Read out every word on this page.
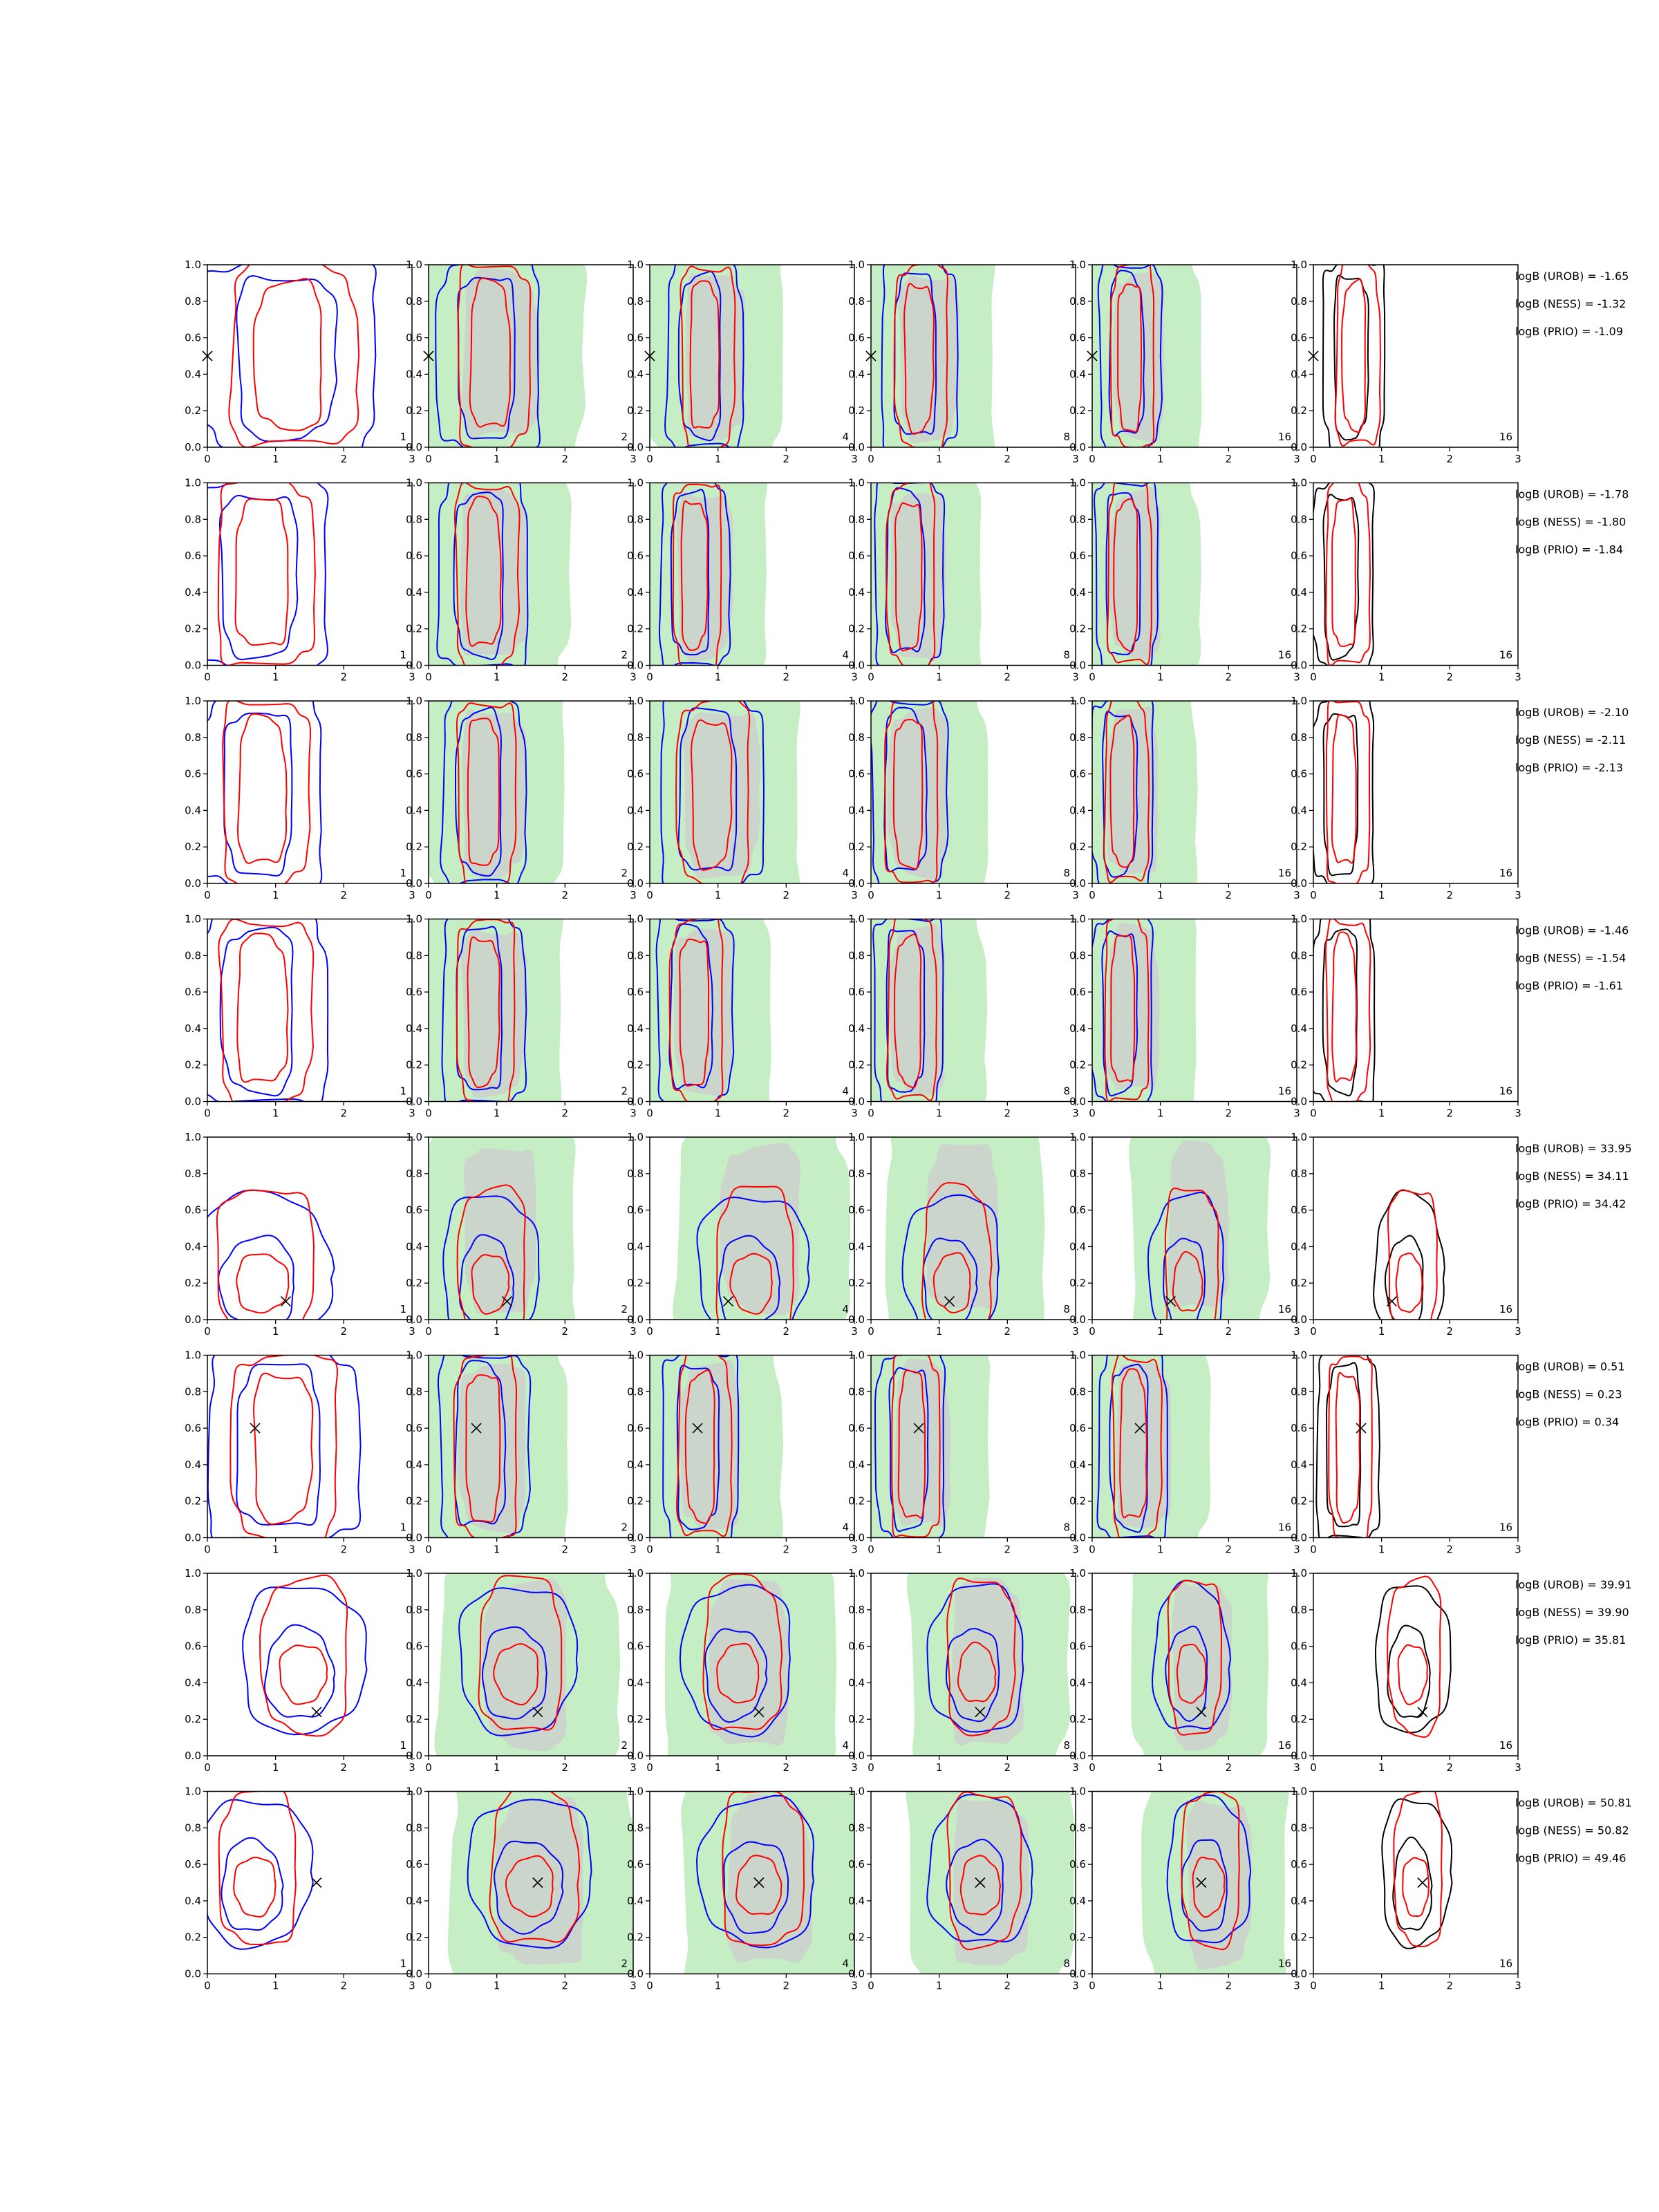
0	1	2	3
0.0
0.2
0.4
0.6
0.8
1.0
1
0	1	2	3
0.0
0.2
0.4
0.6
0.8
1.0
2
0	1	2	3
0.0
0.2
0.4
0.6
0.8
1.0
4
0	1	2	3
0.0
0.2
0.4
0.6
0.8
1.0
8
0	1	2	3
0.0
0.2
0.4
0.6
0.8
1.0
16
0	1	2	3
0.0
0.2
0.4
0.6
0.8
1.0
16
logB (UROB) = -1.65
logB (NESS) = -1.32
logB (PRIO) = -1.09
0	1	2	3
0.0
0.2
0.4
0.6
0.8
1.0
1
0	1	2	3
0.0
0.2
0.4
0.6
0.8
1.0
2
0	1	2	3
0.0
0.2
0.4
0.6
0.8
1.0
4
0	1	2	3
0.0
0.2
0.4
0.6
0.8
1.0
8
0	1	2	3
0.0
0.2
0.4
0.6
0.8
1.0
16
0	1	2	3
0.0
0.2
0.4
0.6
0.8
1.0
16
logB (UROB) = -1.78
logB (NESS) = -1.80
logB (PRIO) = -1.84
0	1	2	3
0.0
0.2
0.4
0.6
0.8
1.0
1
0	1	2	3
0.0
0.2
0.4
0.6
0.8
1.0
2
0	1	2	3
0.0
0.2
0.4
0.6
0.8
1.0
4
0	1	2	3
0.0
0.2
0.4
0.6
0.8
1.0
8
0	1	2	3
0.0
0.2
0.4
0.6
0.8
1.0
16
0	1	2	3
0.0
0.2
0.4
0.6
0.8
1.0
16
logB (UROB) = -2.10
logB (NESS) = -2.11
logB (PRIO) = -2.13
0	1	2	3
0.0
0.2
0.4
0.6
0.8
1.0
1
0	1	2	3
0.0
0.2
0.4
0.6
0.8
1.0
2
0	1	2	3
0.0
0.2
0.4
0.6
0.8
1.0
4
0	1	2	3
0.0
0.2
0.4
0.6
0.8
1.0
8
0	1	2	3
0.0
0.2
0.4
0.6
0.8
1.0
16
0	1	2	3
0.0
0.2
0.4
0.6
0.8
1.0
16
logB (UROB) = -1.46
logB (NESS) = -1.54
logB (PRIO) = -1.61
0	1	2	3
0.0
0.2
0.4
0.6
0.8
1.0
1
0	1	2	3
0.0
0.2
0.4
0.6
0.8
1.0
2
0	1	2	3
0.0
0.2
0.4
0.6
0.8
1.0
4
0	1	2	3
0.0
0.2
0.4
0.6
0.8
1.0
8
0	1	2	3
0.0
0.2
0.4
0.6
0.8
1.0
16
0	1	2	3
0.0
0.2
0.4
0.6
0.8
1.0
16
logB (UROB) = 33.95
logB (NESS) = 34.11
logB (PRIO) = 34.42
0	1	2	3
0.0
0.2
0.4
0.6
0.8
1.0
1
0	1	2	3
0.0
0.2
0.4
0.6
0.8
1.0
2
0	1	2	3
0.0
0.2
0.4
0.6
0.8
1.0
4
0	1	2	3
0.0
0.2
0.4
0.6
0.8
1.0
8
0	1	2	3
0.0
0.2
0.4
0.6
0.8
1.0
16
0	1	2	3
0.0
0.2
0.4
0.6
0.8
1.0
16
logB (UROB) = 0.51
logB (NESS) = 0.23
logB (PRIO) = 0.34
0	1	2	3
0.0
0.2
0.4
0.6
0.8
1.0
1
0	1	2	3
0.0
0.2
0.4
0.6
0.8
1.0
2
0	1	2	3
0.0
0.2
0.4
0.6
0.8
1.0
4
0	1	2	3
0.0
0.2
0.4
0.6
0.8
1.0
8
0	1	2	3
0.0
0.2
0.4
0.6
0.8
1.0
16
0	1	2	3
0.0
0.2
0.4
0.6
0.8
1.0
16
logB (UROB) = 39.91
logB (NESS) = 39.90
logB (PRIO) = 35.81
0	1	2	3
0.0
0.2
0.4
0.6
0.8
1.0
1
0	1	2	3
0.0
0.2
0.4
0.6
0.8
1.0
2
0	1	2	3
0.0
0.2
0.4
0.6
0.8
1.0
4
0	1	2	3
0.0
0.2
0.4
0.6
0.8
1.0
8
0	1	2	3
0.0
0.2
0.4
0.6
0.8
1.0
16
0	1	2	3
0.0
0.2
0.4
0.6
0.8
1.0
16
logB (UROB) = 50.81
logB (NESS) = 50.82
logB (PRIO) = 49.46
